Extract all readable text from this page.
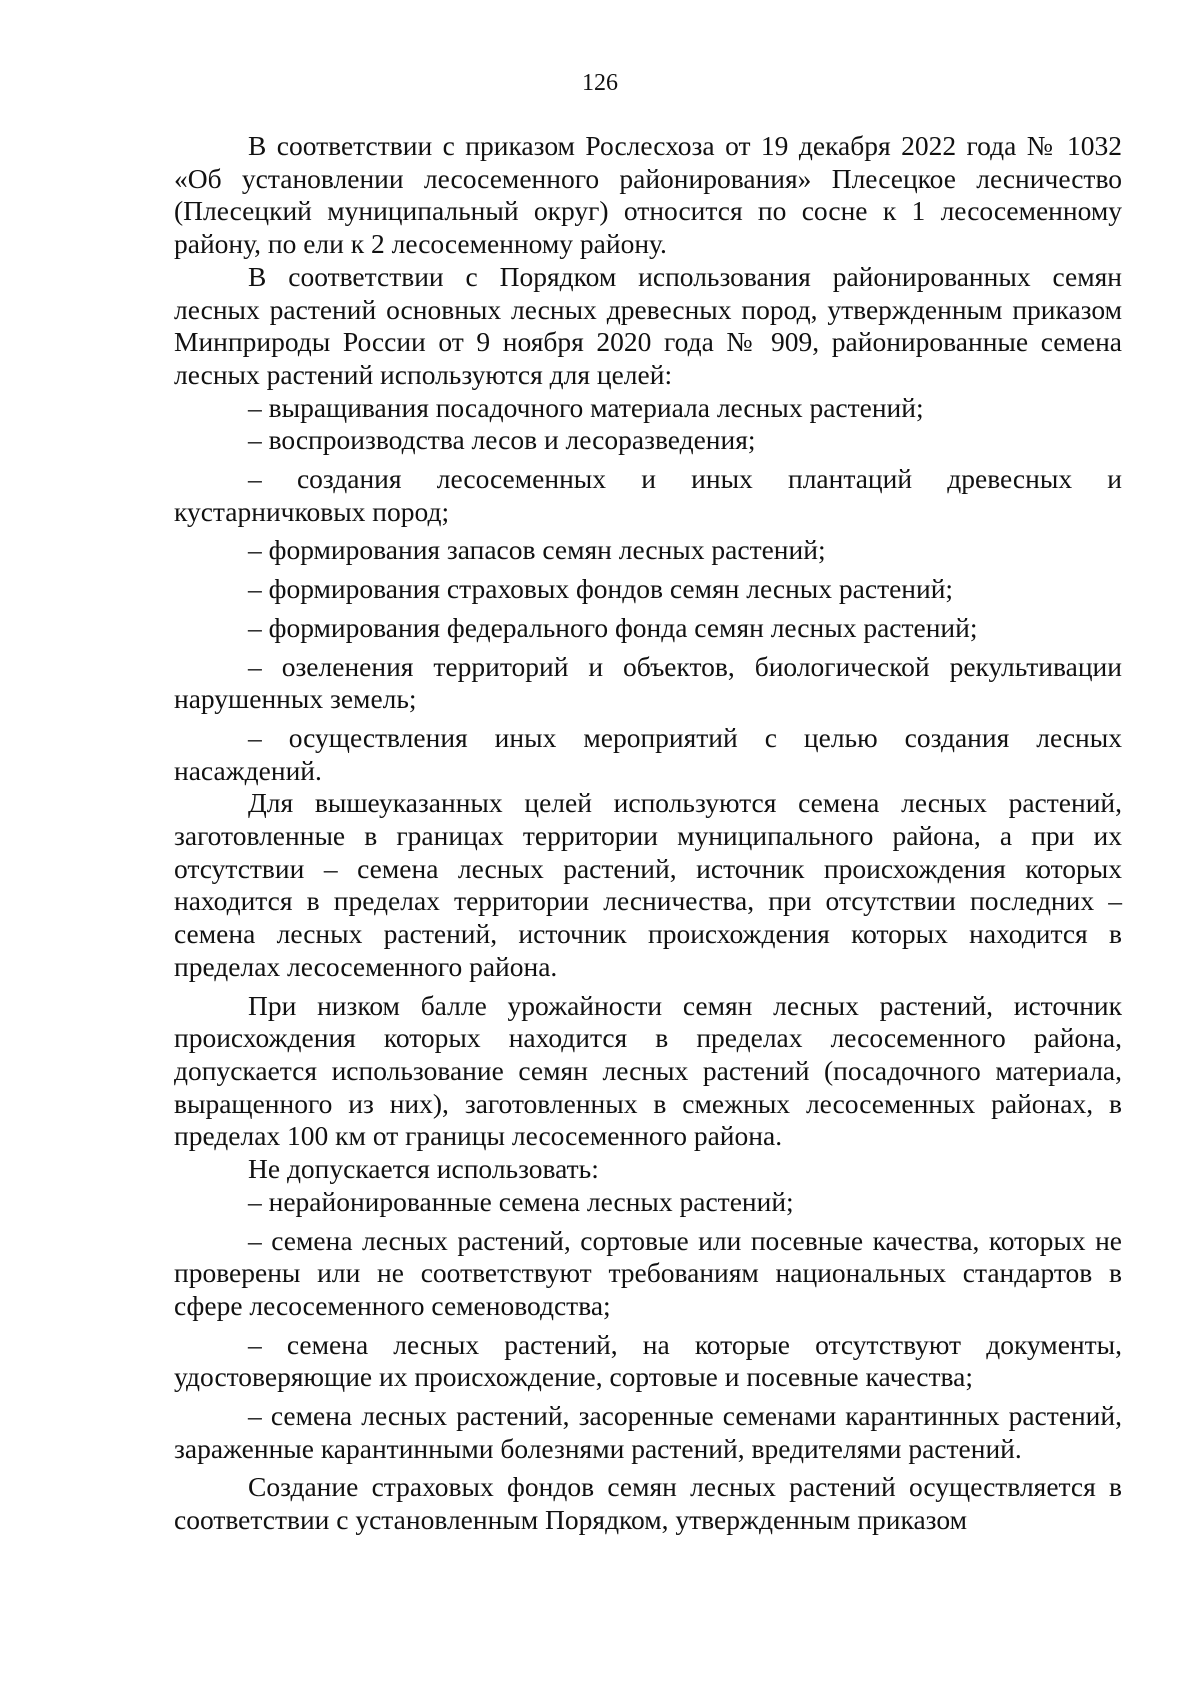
126

В соответствии с приказом Рослесхоза от 19 декабря 2022 года № 1032 «Об установлении лесосеменного районирования» Плесецкое лесничество (Плесецкий муниципальный округ) относится по сосне к 1 лесосеменному району, по ели к 2 лесосеменному району.

В соответствии с Порядком использования районированных семян лесных растений основных лесных древесных пород, утвержденным приказом Минприроды России от 9 ноября 2020 года № 909, районированные семена лесных растений используются для целей:

– выращивания посадочного материала лесных растений;

– воспроизводства лесов и лесоразведения;

– создания лесосеменных и иных плантаций древесных и кустарничковых пород;

– формирования запасов семян лесных растений;

– формирования страховых фондов семян лесных растений;

– формирования федерального фонда семян лесных растений;

– озеленения территорий и объектов, биологической рекультивации нарушенных земель;

– осуществления иных мероприятий с целью создания лесных насаждений.

Для вышеуказанных целей используются семена лесных растений, заготовленные в границах территории муниципального района, а при их отсутствии – семена лесных растений, источник происхождения которых находится в пределах территории лесничества, при отсутствии последних – семена лесных растений, источник происхождения которых находится в пределах лесосеменного района.

При низком балле урожайности семян лесных растений, источник происхождения которых находится в пределах лесосеменного района, допускается использование семян лесных растений (посадочного материала, выращенного из них), заготовленных в смежных лесосеменных районах, в пределах 100 км от границы лесосеменного района.

Не допускается использовать:

– нерайонированные семена лесных растений;

– семена лесных растений, сортовые или посевные качества, которых не проверены или не соответствуют требованиям национальных стандартов в сфере лесосеменного семеноводства;

– семена лесных растений, на которые отсутствуют документы, удостоверяющие их происхождение, сортовые и посевные качества;

– семена лесных растений, засоренные семенами карантинных растений, зараженные карантинными болезнями растений, вредителями растений.

Создание страховых фондов семян лесных растений осуществляется в соответствии с установленным Порядком, утвержденным приказом
